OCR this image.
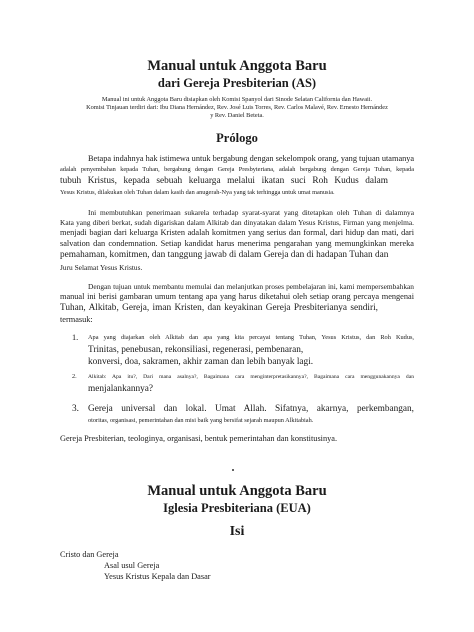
Manual untuk Anggota Baru
dari Gereja Presbiterian (AS)

Manual ini untuk Anggota Baru disiapkan oleh Komisi Spanyol dari Sinode Selatan California dan Hawaii.

Komisi Tinjauan terdiri dari: Ibu Diana Hernández, Rev. José Luis Torres, Rev. Carlos Malavé, Rev. Ernesto Hernández

y Rev. Daniel Beteta.

Prólogo

Betapa indahnya hak istimewa untuk bergabung dengan sekelompok orang, yang tujuan utamanya

adalah penyembahan kepada Tuhan, bergabung dengan Gereja Presbyteriana, adalah bergabung dengan Gereja Tuhan, kepada

tubuh Kristus, kepada sebuah keluarga melalui ikatan suci Roh Kudus dalam

Yesus Kristus, dilakukan oleh Tuhan dalam kasih dan anugerah-Nya yang tak terhingga untuk umat manusia.

Ini membutuhkan penerimaan sukarela terhadap syarat-syarat yang ditetapkan oleh Tuhan di dalamnya

Kata yang diberi berkat, sudah digariskan dalam Alkitab dan dinyatakan dalam Yesus Kristus, Firman yang menjelma.

menjadi bagian dari keluarga Kristen adalah komitmen yang serius dan formal, dari hidup dan mati, dari

salvation dan condemnation. Setiap kandidat harus menerima pengarahan yang memungkinkan mereka

pemahaman, komitmen, dan tanggung jawab di dalam Gereja dan di hadapan Tuhan dan

Juru Selamat Yesus Kristus.

Dengan tujuan untuk membantu memulai dan melanjutkan proses pembelajaran ini, kami mempersembahkan

manual ini berisi gambaran umum tentang apa yang harus diketahui oleh setiap orang percaya mengenai

Tuhan, Alkitab, Gereja, iman Kristen, dan keyakinan Gereja Presbiterianya sendiri,

termasuk:

1. Apa yang diajarkan oleh Alkitab dan apa yang kita percayai tentang Tuhan, Yesus Kristus, dan Roh Kudus,

Trinitas, penebusan, rekonsiliasi, regenerasi, pembenaran,

konversi, doa, sakramen, akhir zaman dan lebih banyak lagi.

2. Alkitab: Apa itu?, Dari mana asalnya?, Bagaimana cara menginterpretasikannya?, Bagaimana cara menggunakannya dan

menjalankannya?

3. Gereja universal dan lokal. Umat Allah. Sifatnya, akarnya, perkembangan,

otoritas, organisasi, pemerintahan dan misi baik yang bersifat sejarah maupun Alkitabiah.

Gereja Presbiterian, teologinya, organisasi, bentuk pemerintahan dan konstitusinya.

Manual untuk Anggota Baru
Iglesia Presbiteriana (EUA)
Isi

Cristo dan Gereja

Asal usul Gereja

Yesus Kristus Kepala dan Dasar
